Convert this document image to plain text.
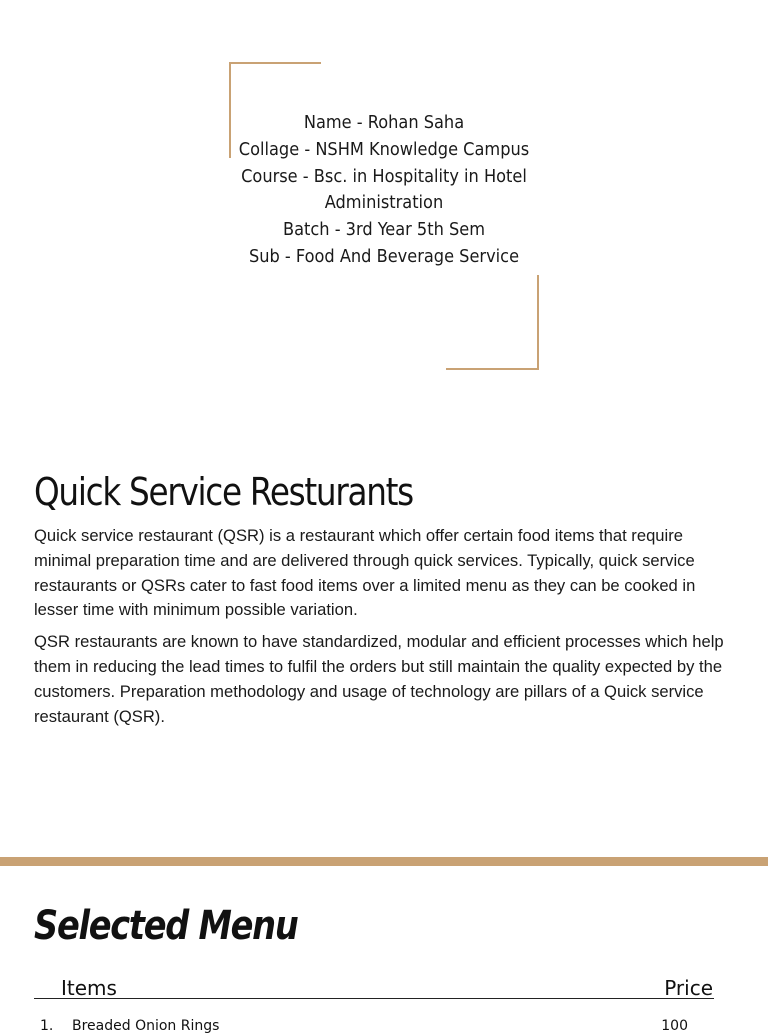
Name - Rohan Saha
Collage - NSHM Knowledge Campus
Course - Bsc. in Hospitality in Hotel
Administration
Batch - 3rd Year 5th Sem
Sub - Food And Beverage Service
Quick Service Resturants

Quick service restaurant (QSR) is a restaurant which offer certain food items that require minimal preparation time and are delivered through quick services. Typically, quick service restaurants or QSRs cater to fast food items over a limited menu as they can be cooked in lesser time with minimum possible variation.

QSR restaurants are known to have standardized, modular and efficient processes which help them in reducing the lead times to fulfil the orders but still maintain the quality expected by the customers. Preparation methodology and usage of technology are pillars of a Quick service restaurant (QSR).

Selected Menu
Items	Price
1. Breaded Onion Rings	100
